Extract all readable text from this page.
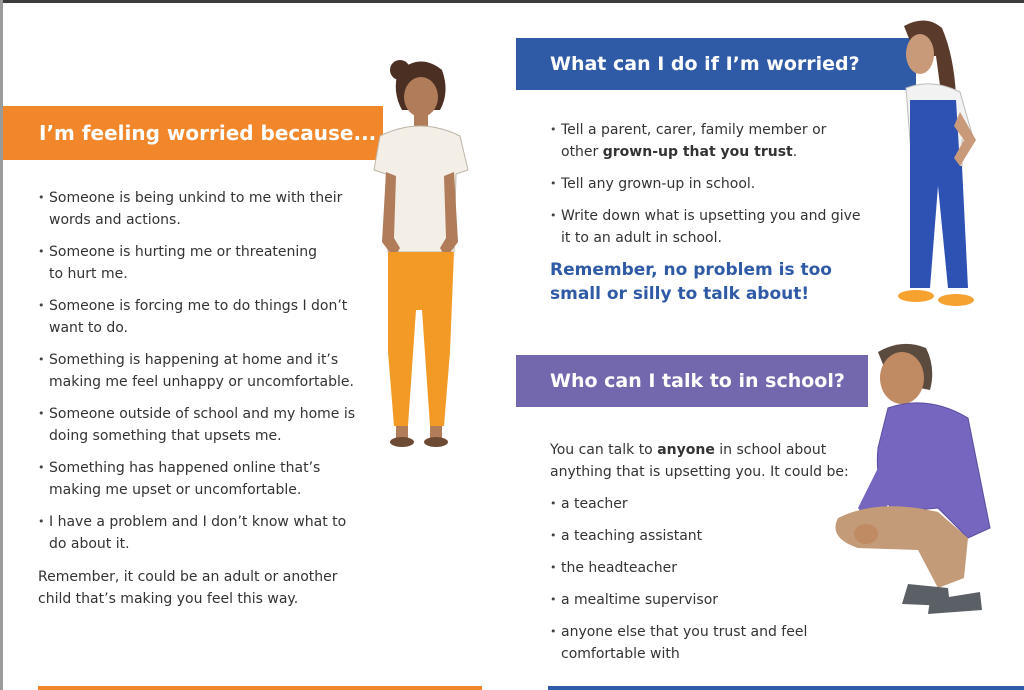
I’m feeling worried because...
• Someone is being unkind to me with their
words and actions.
• Someone is hurting me or threatening
to hurt me.
• Someone is forcing me to do things I don’t
want to do.
• Something is happening at home and it’s
making me feel unhappy or uncomfortable.
• Someone outside of school and my home is
doing something that upsets me.
• Something has happened online that’s
making me upset or uncomfortable.
• I have a problem and I don’t know what to
do about it.
Remember, it could be an adult or another
child that’s making you feel this way.
What can I do if I’m worried?
• Tell a parent, carer, family member or
other grown-up that you trust.
• Tell any grown-up in school.
• Write down what is upsetting you and give
it to an adult in school.
Remember, no problem is too
small or silly to talk about!
Who can I talk to in school?
You can talk to anyone in school about
anything that is upsetting you. It could be:
• a teacher
• a teaching assistant
• the headteacher
• a mealtime supervisor
• anyone else that you trust and feel
comfortable with
